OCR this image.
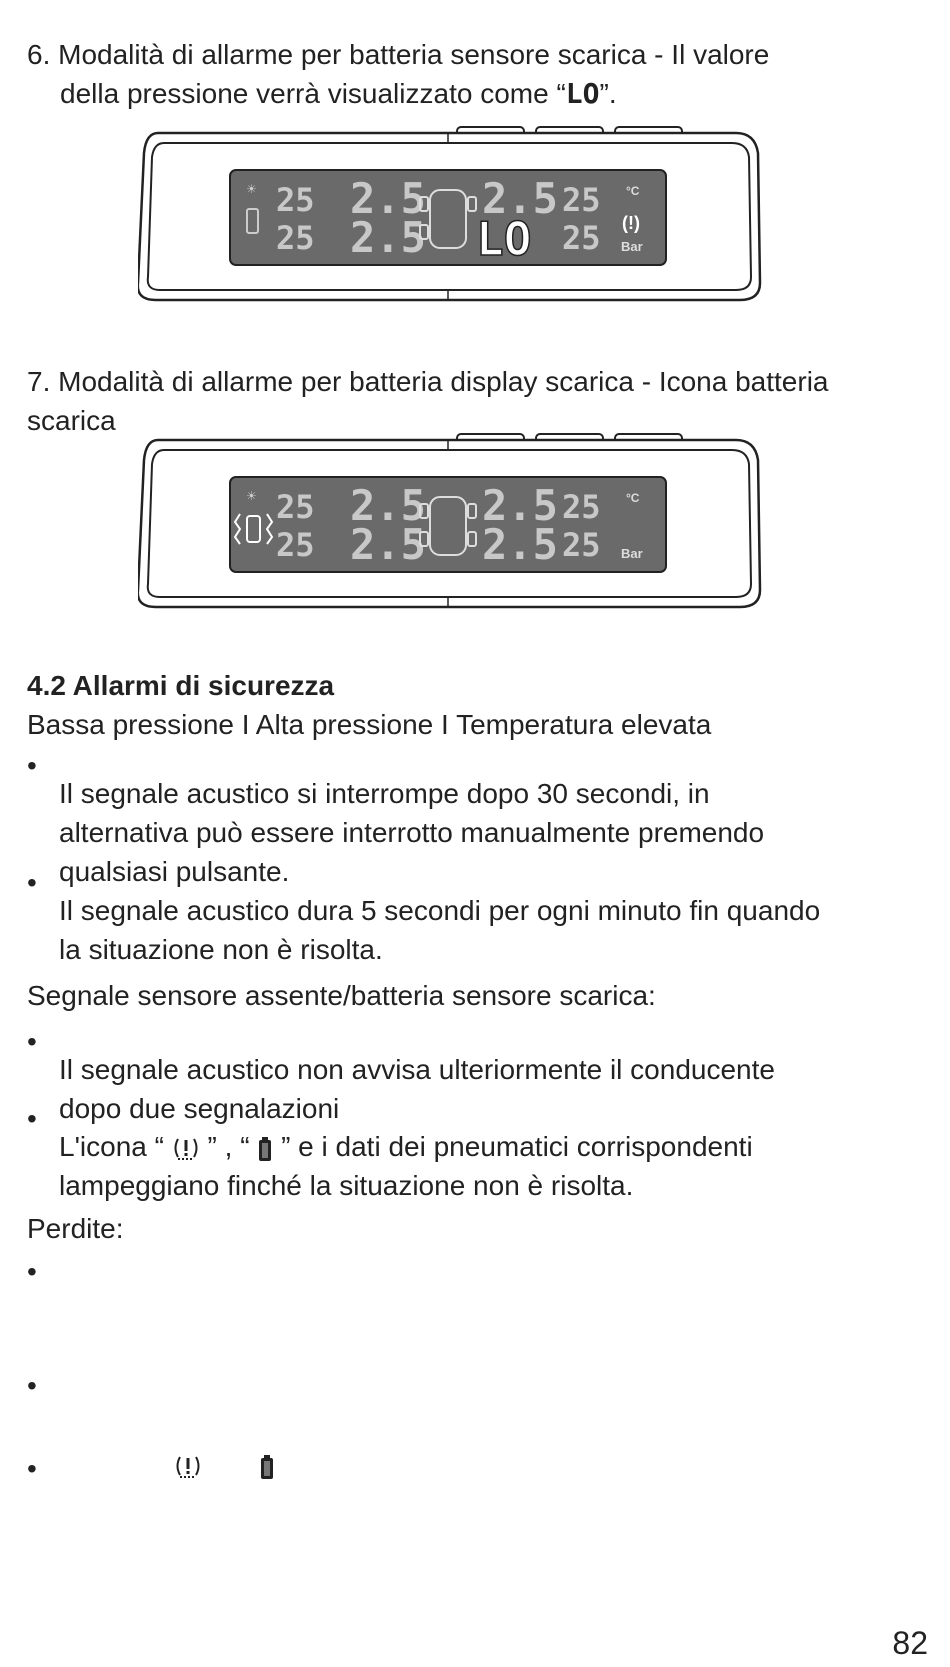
6. Modalità di allarme per batteria sensore scarica - Il valore

della pressione verrà visualizzato come “LO”.

25 2.5 2.5 25
25 2.5	25
LO
☀	°C
Bar
(!)

7. Modalità di allarme per batteria display scarica - Icona batteria

scarica

25 2.5 2.5 25
25 2.5 2.5 25
☀	°C
Bar

4.2 Allarmi di sicurezza

Bassa pressione I Alta pressione I Temperatura elevata

•

Il segnale acustico si interrompe dopo 30 secondi, in

alternativa può essere interrotto manualmente premendo

qualsiasi pulsante.

•

Il segnale acustico dura 5 secondi per ogni minuto fin quando

la situazione non è risolta.

Segnale sensore assente/batteria sensore scarica:

•

Il segnale acustico non avvisa ulteriormente il conducente

dopo due segnalazioni

•

L'icona “  ” , “  ” e i dati dei pneumatici corrispondenti

lampeggiano finché la situazione non è risolta.

Perdite:

•
•
•
82
